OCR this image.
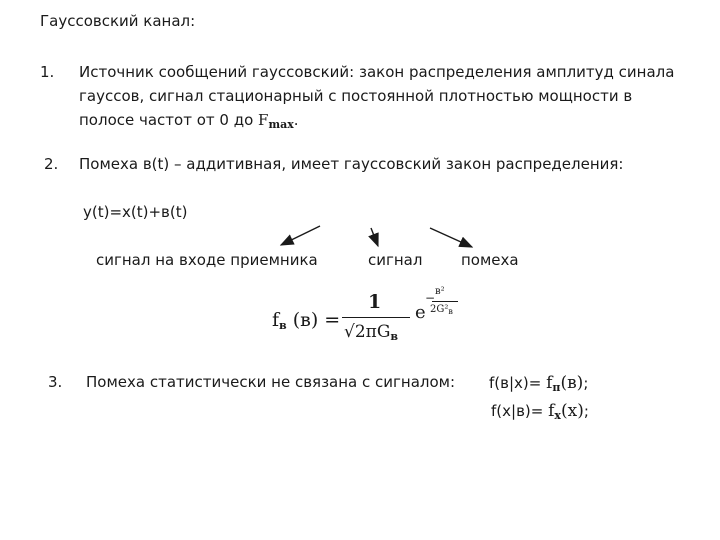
Гауссовский канал:
1. Источник сообщений гауссовский: закон распределения амплитуд синала
гауссов, сигнал стационарный с постоянной плотностью мощности в
полосе частот от 0 до $F_{max}$.
2. Помеха в(t) – аддитивная, имеет гауссовский закон распределения:
y(t)=x(t)+в(t)
сигнал на входе приемника	сигнал	помеха
fв (в) =
1
√2πGв
e
− в²
$2G^2_в$
3. Помеха статистически не связана с сигналом: $f(в|x)= f_п(в)$;
$f(x|в)= f_x(x)$;
